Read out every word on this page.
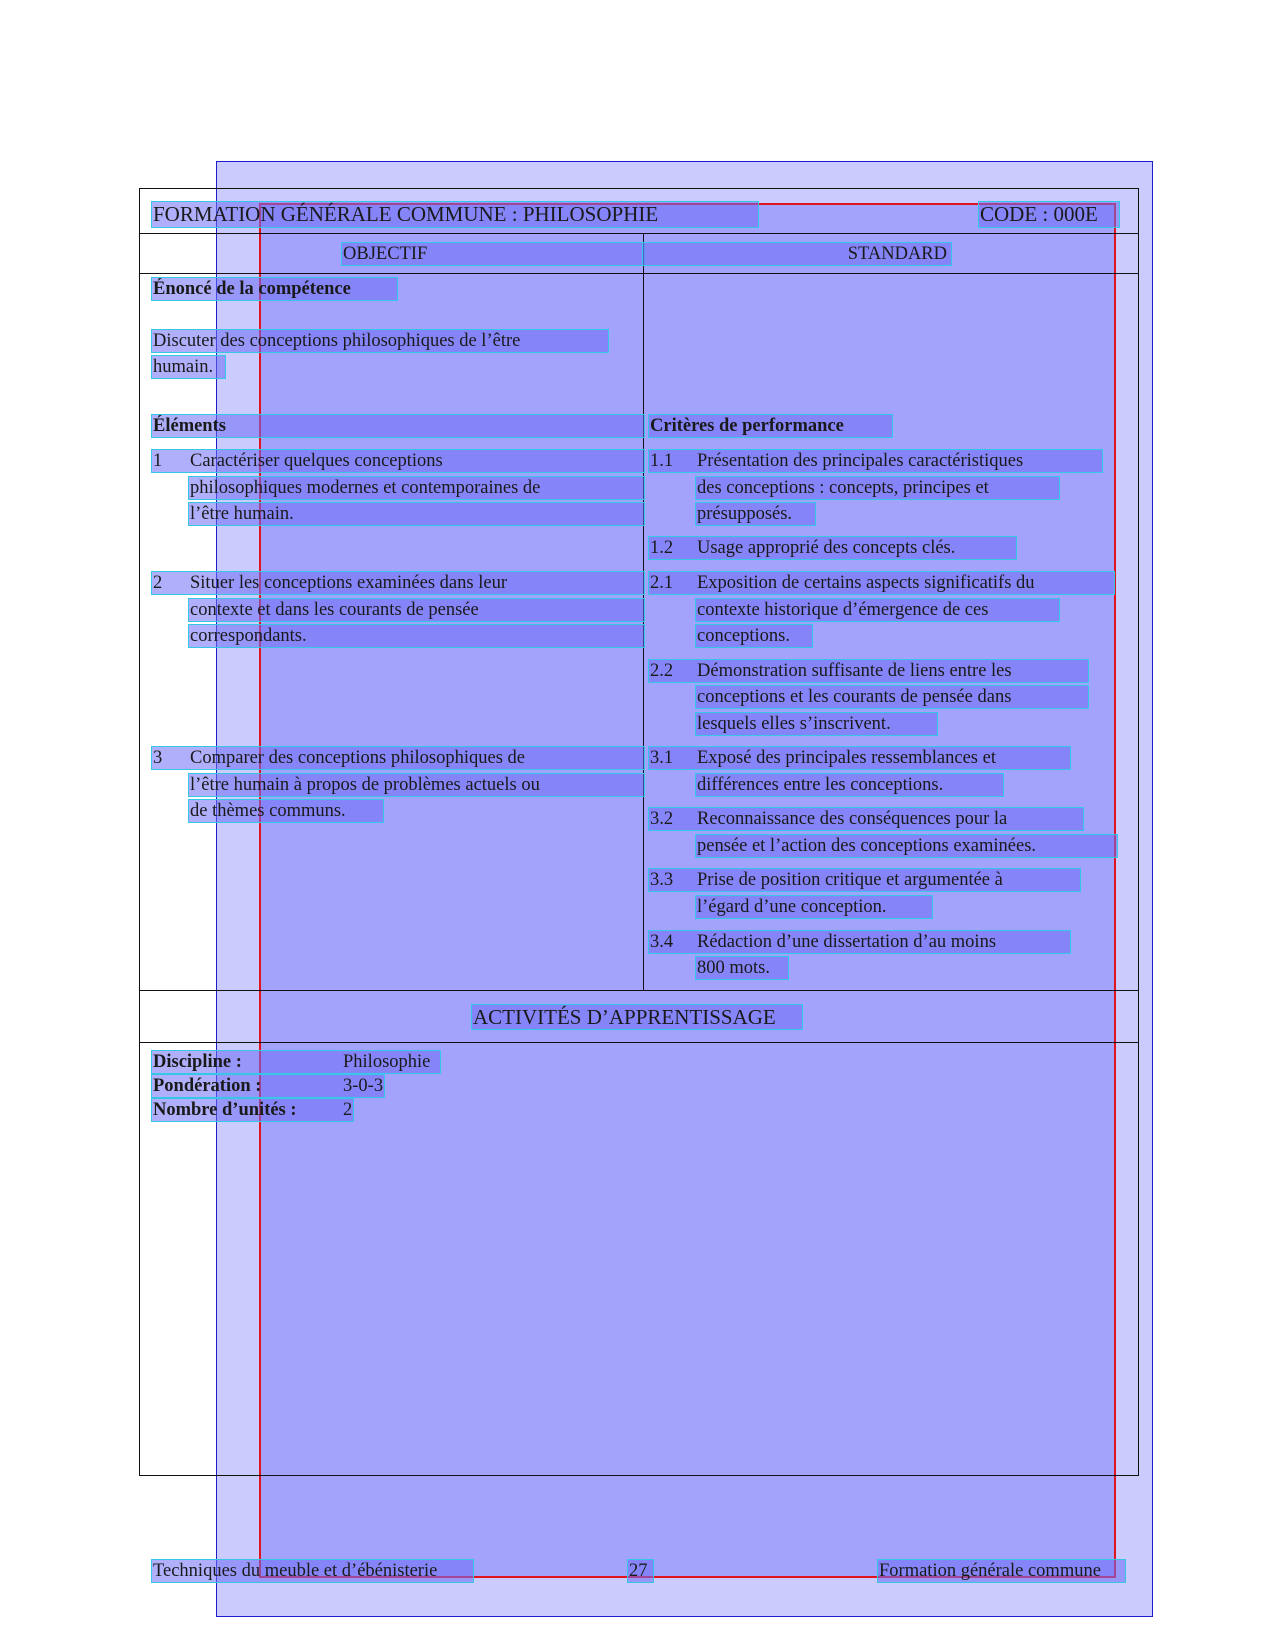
FORMATION GÉNÉRALE COMMUNE : PHILOSOPHIE	CODE : 000E
OBJECTIF	STANDARD
Énoncé de la compétence
Discuter des conceptions philosophiques de l’être
humain.
Éléments	Critères de performance
1	Caractériser quelques conceptions
philosophiques modernes et contemporaines de
l’être humain.
2	Situer les conceptions examinées dans leur
contexte et dans les courants de pensée
correspondants.
3	Comparer des conceptions philosophiques de
l’être humain à propos de problèmes actuels ou
de thèmes communs.
1.1	Présentation des principales caractéristiques
des conceptions : concepts, principes et
présupposés.
1.2	Usage approprié des concepts clés.
2.1	Exposition de certains aspects significatifs du
contexte historique d’émergence de ces
conceptions.
2.2	Démonstration suffisante de liens entre les
conceptions et les courants de pensée dans
lesquels elles s’inscrivent.
3.1	Exposé des principales ressemblances et
différences entre les conceptions.
3.2	Reconnaissance des conséquences pour la
pensée et l’action des conceptions examinées.
3.3	Prise de position critique et argumentée à
l’égard d’une conception.
3.4	Rédaction d’une dissertation d’au moins
800 mots.
ACTIVITÉS D’APPRENTISSAGE
Discipline :	Philosophie
Pondération :	3-0-3
Nombre d’unités :	2
Techniques du meuble et d’ébénisterie	27	Formation générale commune
